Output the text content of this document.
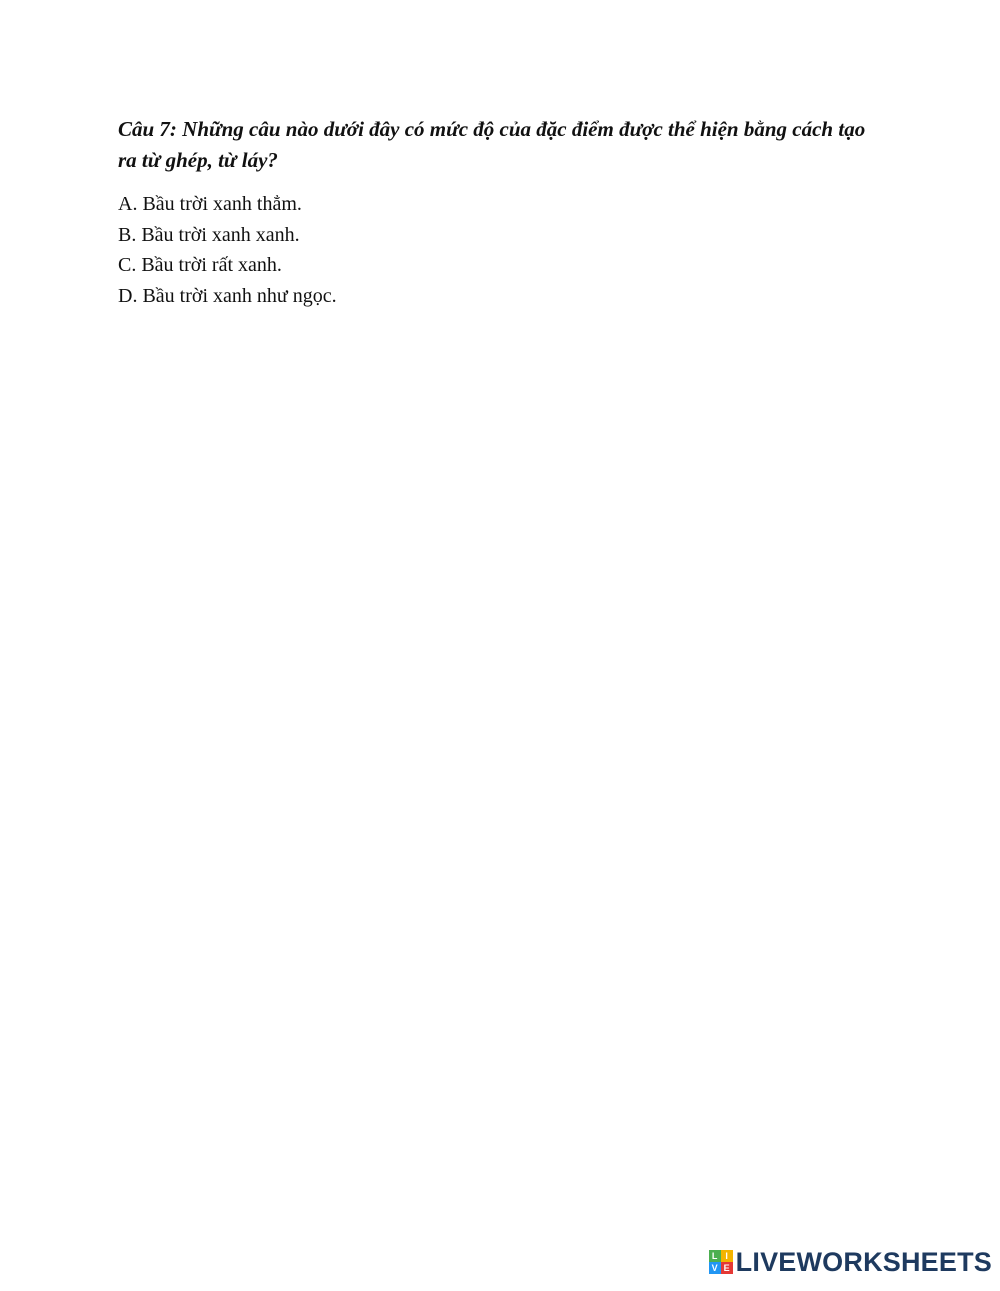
Câu 7: Những câu nào dưới đây có mức độ của đặc điểm được thể hiện bằng cách tạo ra từ ghép, từ láy?

A. Bầu trời xanh thẳm.
B. Bầu trời xanh xanh.
C. Bầu trời rất xanh.
D. Bầu trời xanh như ngọc.
L I
V E LIVEWORKSHEETS
